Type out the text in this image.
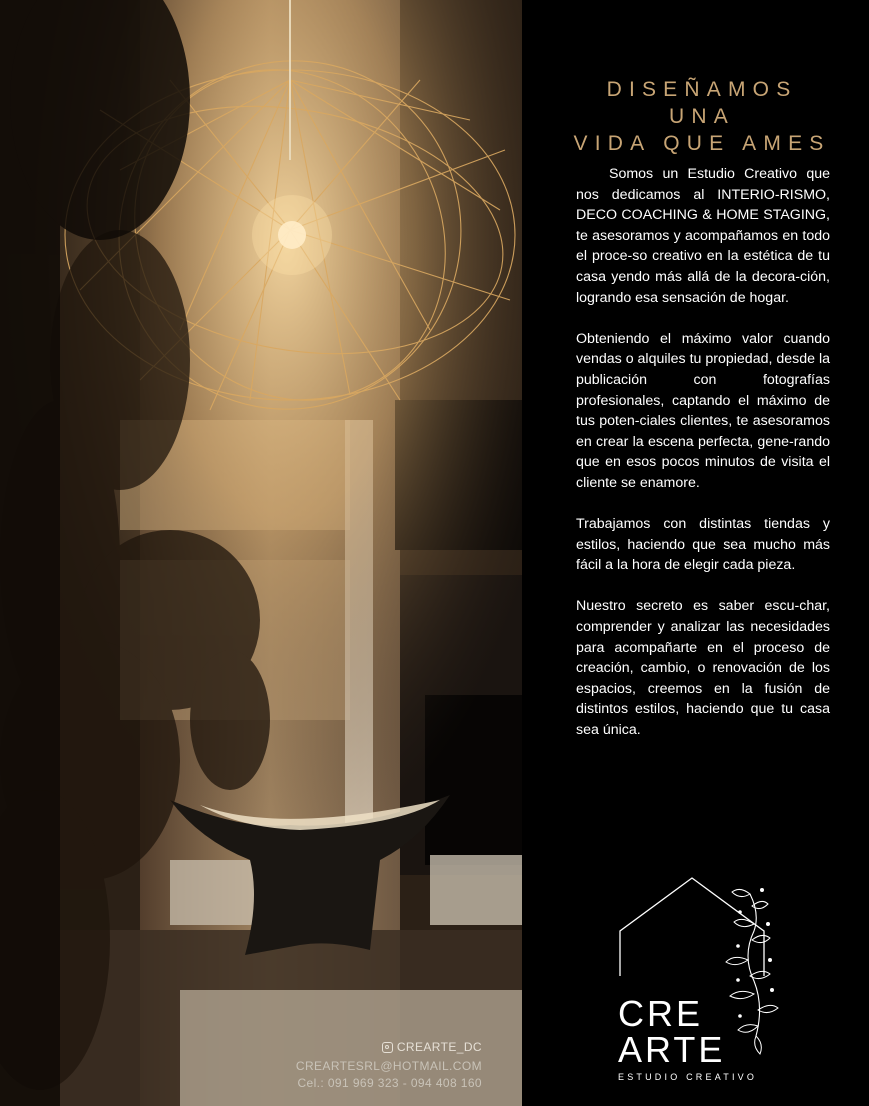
CREARTE_DC
CREARTESRL@HOTMAIL.COM
Cel.: 091 969 323 - 094 408 160
DISEÑAMOS UNA
VIDA QUE AMES

Somos un Estudio Creativo que nos dedicamos al INTERIO-RISMO, DECO COACHING & HOME STAGING, te asesoramos y acompañamos en todo el proce-so creativo en la estética de tu casa yendo más allá de la decora-ción, logrando esa sensación de hogar.

Obteniendo el máximo valor cuando vendas o alquiles tu propiedad, desde la publicación con fotografías profesionales, captando el máximo de tus poten-ciales clientes, te asesoramos en crear la escena perfecta, gene-rando que en esos pocos minutos de visita el cliente se enamore.

Trabajamos con distintas tiendas y estilos, haciendo que sea mucho más fácil a la hora de elegir cada pieza.

Nuestro secreto es saber escu-char, comprender y analizar las necesidades para acompañarte en el proceso de creación, cambio, o renovación de los espacios, creemos en la fusión de distintos estilos, haciendo que tu casa sea única.

CRE
ARTE
ESTUDIO CREATIVO
